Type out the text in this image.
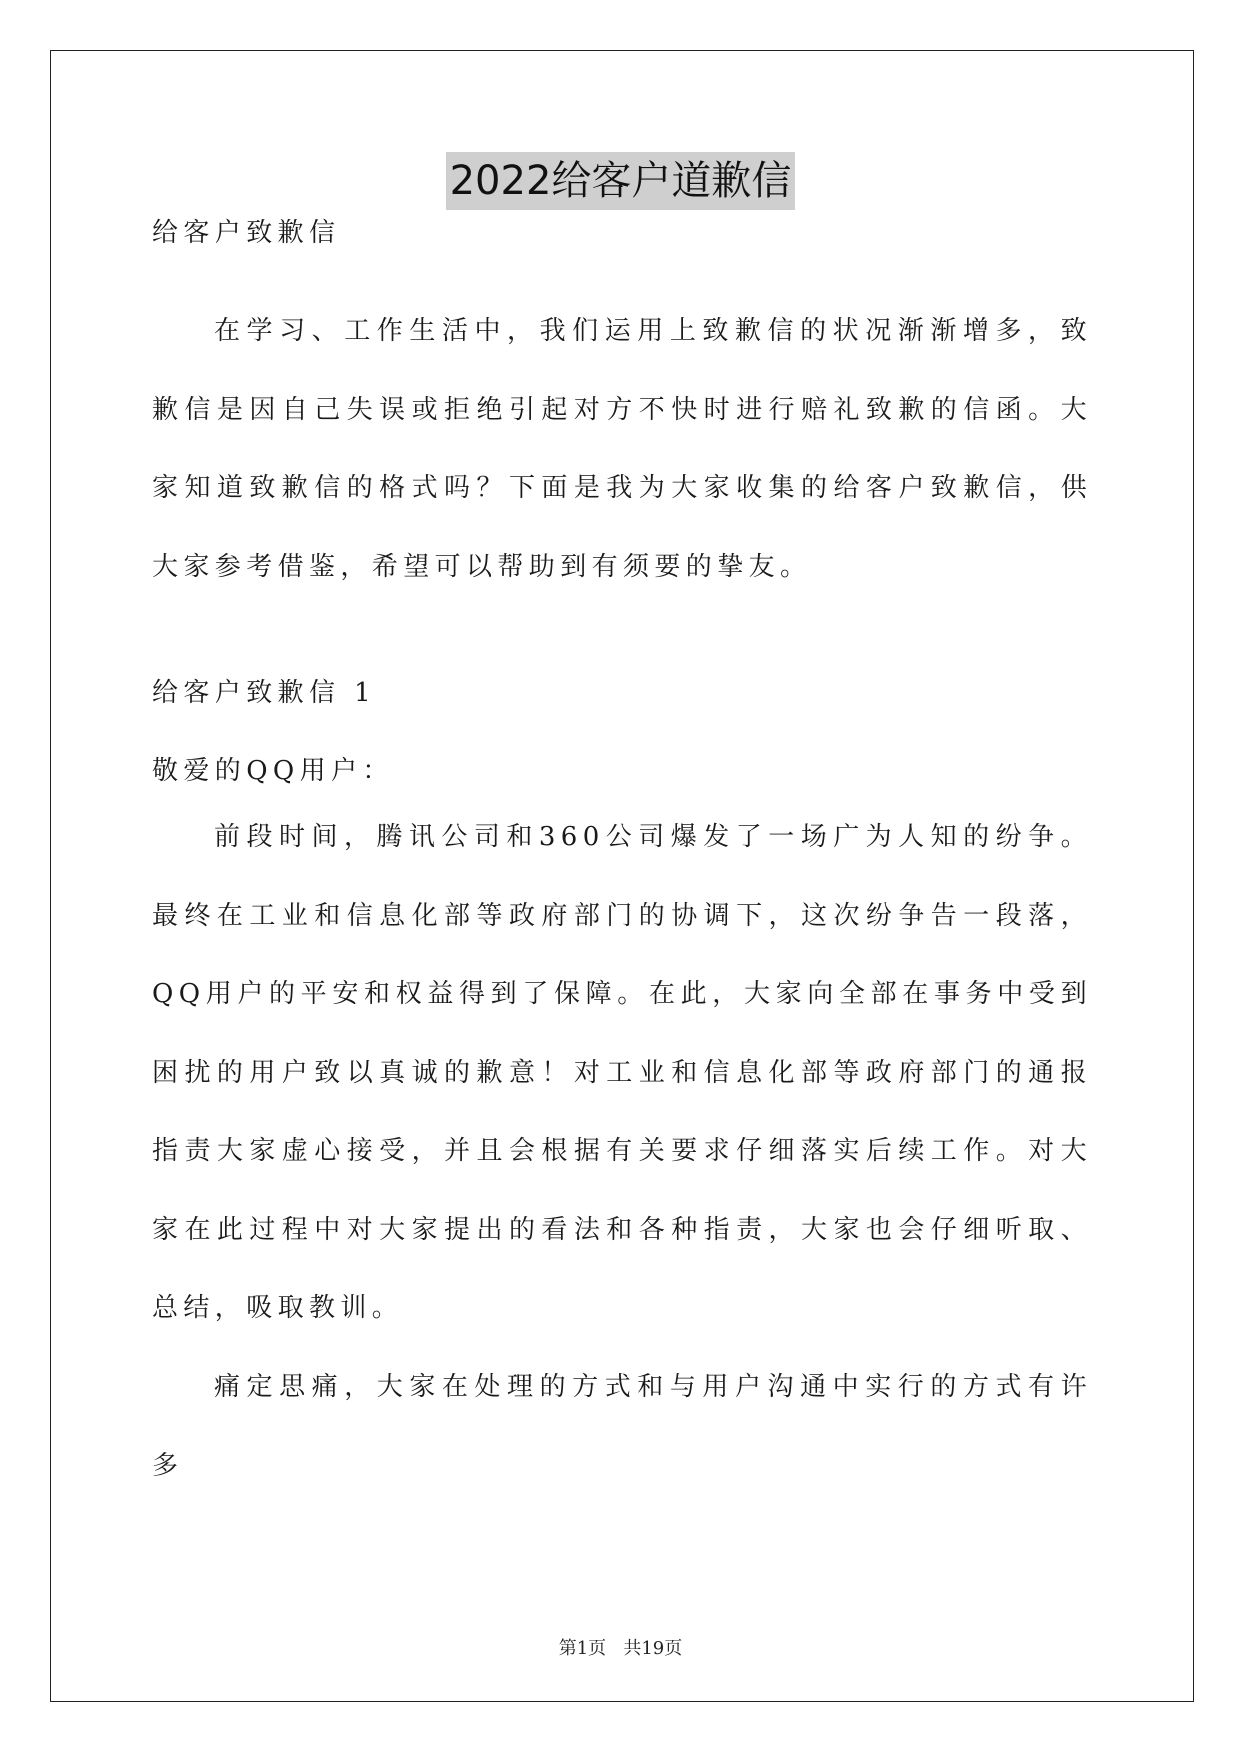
2022给客户道歉信
给客户致歉信
在学习、工作生活中，我们运用上致歉信的状况渐渐增多，致歉信是因自己失误或拒绝引起对方不快时进行赔礼致歉的信函。大家知道致歉信的格式吗？下面是我为大家收集的给客户致歉信，供大家参考借鉴，希望可以帮助到有须要的挚友。
给客户致歉信 1
敬爱的QQ用户：
前段时间，腾讯公司和360公司爆发了一场广为人知的纷争。最终在工业和信息化部等政府部门的协调下，这次纷争告一段落，QQ用户的平安和权益得到了保障。在此，大家向全部在事务中受到困扰的用户致以真诚的歉意！对工业和信息化部等政府部门的通报指责大家虚心接受，并且会根据有关要求仔细落实后续工作。对大家在此过程中对大家提出的看法和各种指责，大家也会仔细听取、总结，吸取教训。
痛定思痛，大家在处理的方式和与用户沟通中实行的方式有许多
第1页   共19页
